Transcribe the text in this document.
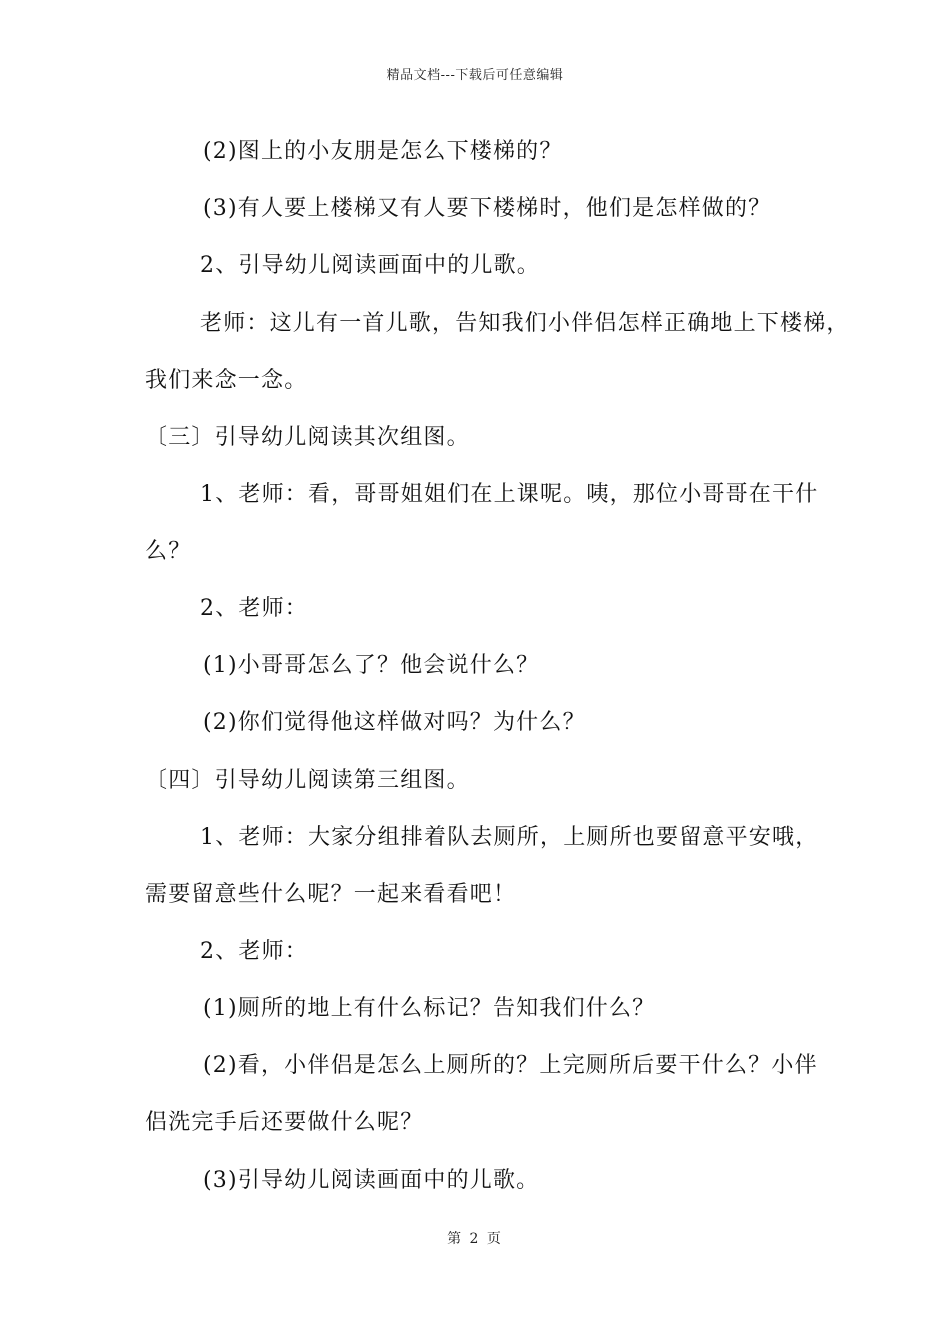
精品文档---下载后可任意编辑
(2)图上的小友朋是怎么下楼梯的？
(3)有人要上楼梯又有人要下楼梯时，他们是怎样做的？
2、引导幼儿阅读画面中的儿歌。
老师：这儿有一首儿歌，告知我们小伴侣怎样正确地上下楼梯，
我们来念一念。
〔三〕引导幼儿阅读其次组图。
1、老师：看，哥哥姐姐们在上课呢。咦，那位小哥哥在干什
么？
2、老师：
(1)小哥哥怎么了？他会说什么？
(2)你们觉得他这样做对吗？为什么？
〔四〕引导幼儿阅读第三组图。
1、老师：大家分组排着队去厕所，上厕所也要留意平安哦，
需要留意些什么呢？一起来看看吧！
2、老师：
(1)厕所的地上有什么标记？告知我们什么？
(2)看，小伴侣是怎么上厕所的？上完厕所后要干什么？小伴
侣洗完手后还要做什么呢？
(3)引导幼儿阅读画面中的儿歌。
第 2 页
